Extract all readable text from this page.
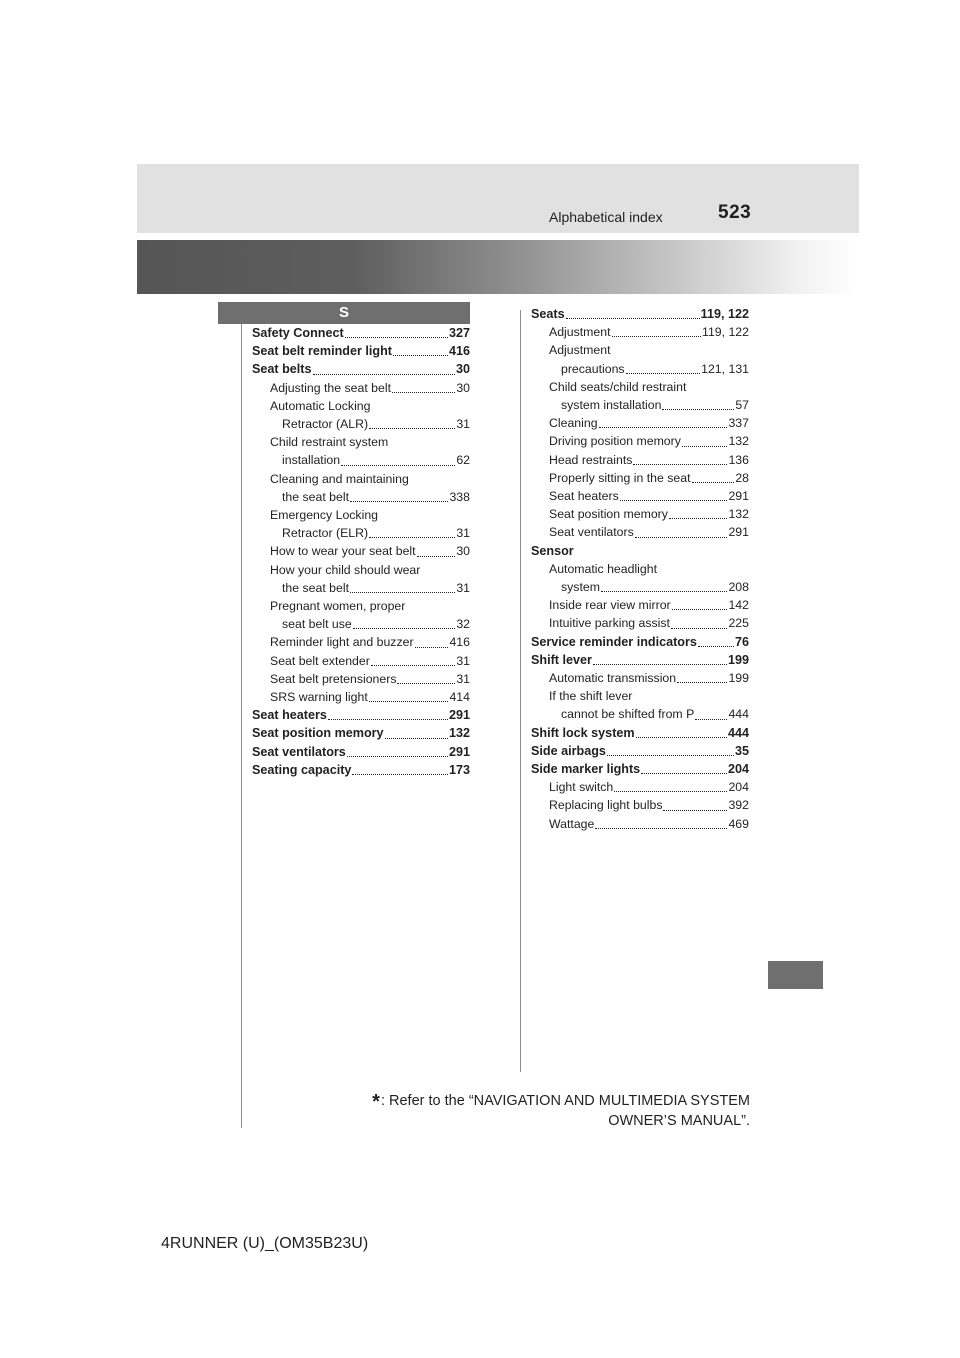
Alphabetical index	523
S
Safety Connect	327
Seat belt reminder light	416
Seat belts	30
Adjusting the seat belt	30
Automatic Locking
Retractor (ALR)	31
Child restraint system
installation	62
Cleaning and maintaining
the seat belt	338
Emergency Locking
Retractor (ELR)	31
How to wear your seat belt	30
How your child should wear
the seat belt	31
Pregnant women, proper
seat belt use	32
Reminder light and buzzer	416
Seat belt extender	31
Seat belt pretensioners	31
SRS warning light	414
Seat heaters	291
Seat position memory	132
Seat ventilators	291
Seating capacity	173
Seats	119, 122
Adjustment	119, 122
Adjustment
precautions	121, 131
Child seats/child restraint
system installation	57
Cleaning	337
Driving position memory	132
Head restraints	136
Properly sitting in the seat	28
Seat heaters	291
Seat position memory	132
Seat ventilators	291
Sensor
Automatic headlight
system	208
Inside rear view mirror	142
Intuitive parking assist	225
Service reminder indicators	76
Shift lever	199
Automatic transmission	199
If the shift lever
cannot be shifted from P	444
Shift lock system	444
Side airbags	35
Side marker lights	204
Light switch	204
Replacing light bulbs	392
Wattage	469
*: Refer to the “NAVIGATION AND MULTIMEDIA SYSTEM
OWNER’S MANUAL”.
4RUNNER (U)_(OM35B23U)
